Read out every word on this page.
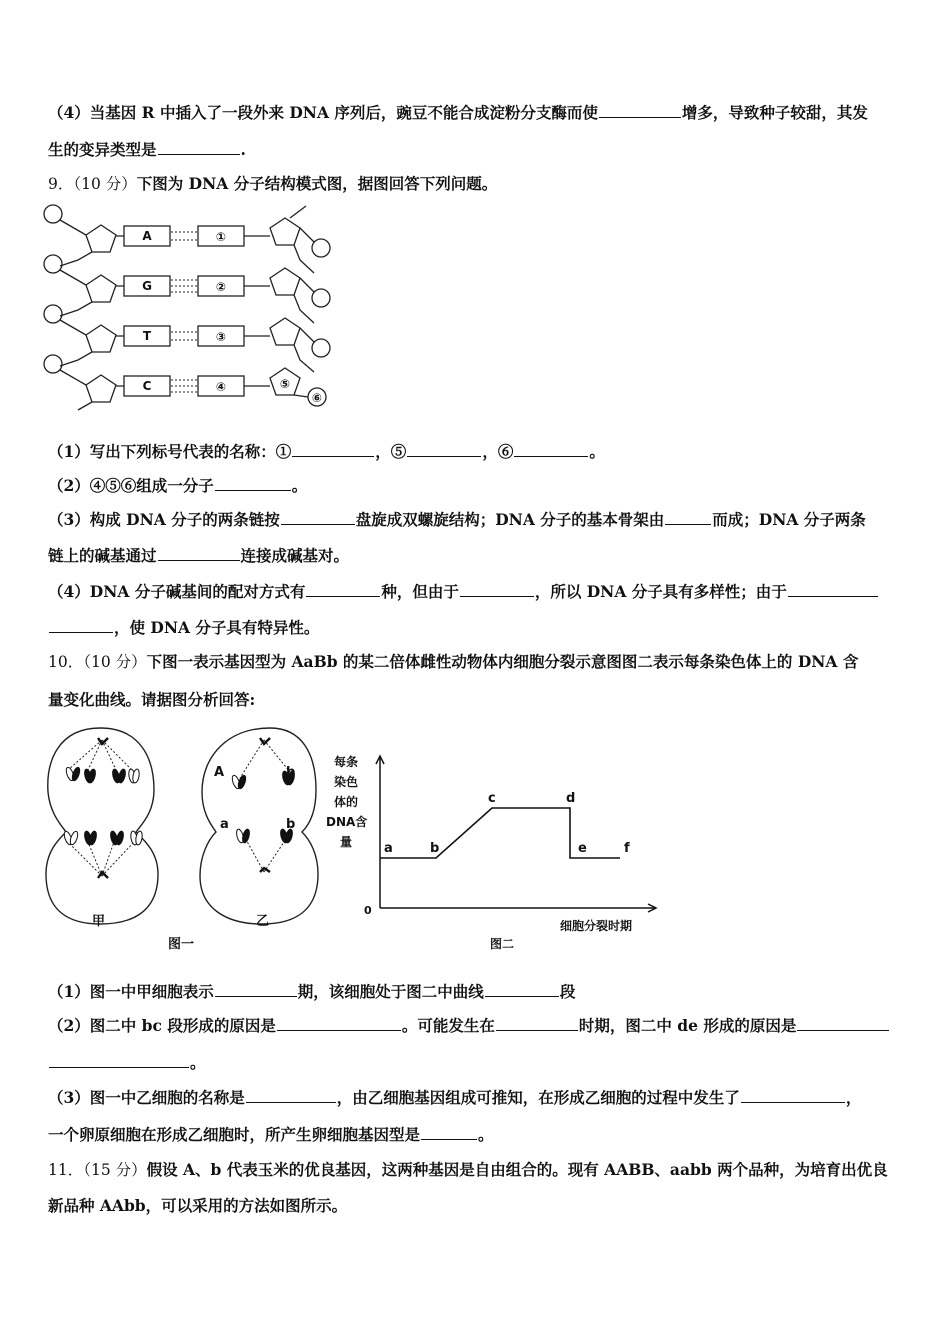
（4）当基因 R 中插入了一段外来 DNA 序列后，豌豆不能合成淀粉分支酶而使	增多，导致种子较甜，其发
生的变异类型是	.
9．（10 分）下图为 DNA 分子结构模式图，据图回答下列问题。
A
G
T
C
①
②
③
④	⑤
⑥
（1）写出下列标号代表的名称：①	，⑤	，⑥	。
（2）④⑤⑥组成一分子	。
（3）构成 DNA 分子的两条链按	盘旋成双螺旋结构；DNA 分子的基本骨架由	而成；DNA 分子两条
链上的碱基通过	连接成碱基对。
（4）DNA 分子碱基间的配对方式有	种，但由于	，所以 DNA 分子具有多样性；由于
，使 DNA 分子具有特异性。
10．（10 分）下图一表示基因型为 AaBb 的某二倍体雌性动物体内细胞分裂示意图图二表示每条染色体上的 DNA 含
量变化曲线。请据图分析回答:
A	b
a	b
甲	乙
图一
每条
染色
体的
DNA含
量
0
细胞分裂时期
图二
a	b
c	d
e	f
（1）图一中甲细胞表示	期，该细胞处于图二中曲线	段
（2）图二中 bc 段形成的原因是	。可能发生在	时期，图二中 de 形成的原因是
。
（3）图一中乙细胞的名称是	，由乙细胞基因组成可推知，在形成乙细胞的过程中发生了	，
一个卵原细胞在形成乙细胞时，所产生卵细胞基因型是	。
11．（15 分）假设 A、b 代表玉米的优良基因，这两种基因是自由组合的。现有 AABB、aabb 两个品种，为培育出优良
新品种 AAbb，可以采用的方法如图所示。
